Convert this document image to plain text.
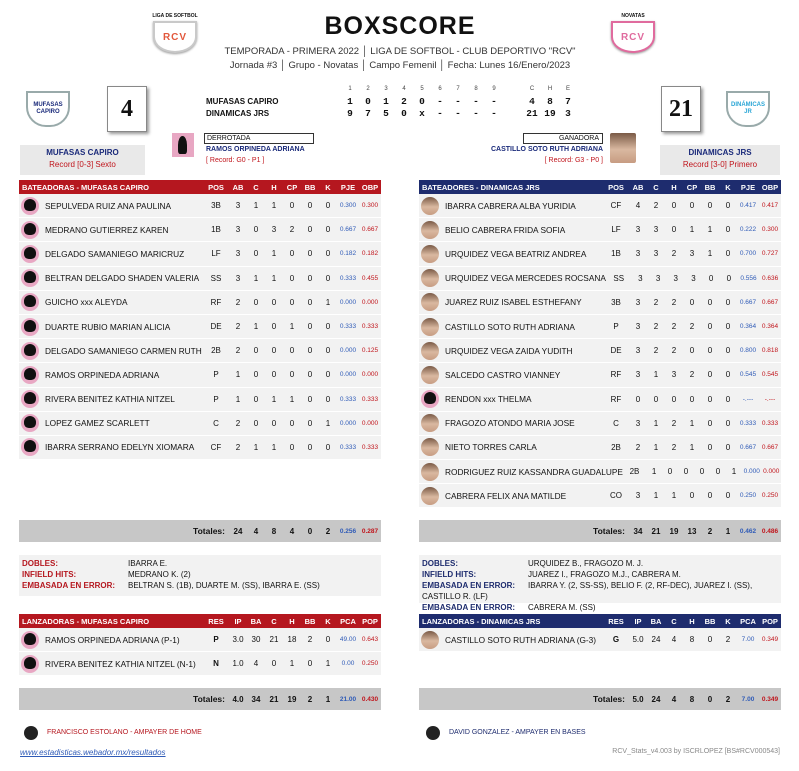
LIGA DE SOFTBOL
RCV
NOVATAS
RCV
BOXSCORE
TEMPORADA - PRIMERA 2022 │ LIGA DE SOFTBOL - CLUB DEPORTIVO "RCV"
Jornada #3 │ Grupo - Novatas │ Campo Femenil │ Fecha: Lunes 16/Enero/2023
MUFASAS CAPIRO	4	21	DINÁMICAS JR
1	2	3	4	5	6	7	8	9	C	H	E
MUFASAS CAPIRO	1	0	1	2	0	-	-	-	-	4	8	7
DINAMICAS JRS	9	7	5	0	x	-	-	-	-	21 19 3
DERROTADA
RAMOS ORPINEDA ADRIANA
[ Record: G0 - P1 ]
GANADORA
CASTILLO SOTO RUTH ADRIANA
[ Record: G3 - P0 ]
MUFASAS CAPIRO
Record [0-3] Sexto
DINAMICAS JRS
Record [3-0] Primero
BATEADORAS - MUFASAS CAPIRO	POS	AB	C	H	CP BB	K	PJE OBP
SEPULVEDA RUIZ ANA PAULINA	3B	3	1	1	0	0	0	0.300 0.300
MEDRANO GUTIERREZ KAREN	1B	3	0	3	2	0	0	0.667 0.667
DELGADO SAMANIEGO MARICRUZ	LF	3	0	1	0	0	0	0.182 0.182
BELTRAN DELGADO SHADEN VALERIA	SS	3	1	1	0	0	0	0.333 0.455
GUICHO xxx ALEYDA	RF	2	0	0	0	0	1	0.000 0.000
DUARTE RUBIO MARIAN ALICIA	DE	2	1	0	1	0	0	0.333 0.333
DELGADO SAMANIEGO CARMEN RUTH	2B	2	0	0	0	0	0	0.000 0.125
RAMOS ORPINEDA ADRIANA	P	1	0	0	0	0	0	0.000 0.000
RIVERA BENITEZ KATHIA NITZEL	P	1	0	1	1	0	0	0.333 0.333
LOPEZ GAMEZ SCARLETT	C	2	0	0	0	0	1	0.000 0.000
IBARRA SERRANO EDELYN XIOMARA	CF	2	1	1	0	0	0	0.333 0.333
Totales:	24	4	8	4	0	2	0.256 0.287
BATEADORES - DINAMICAS JRS	POS	AB	C	H	CP BB	K	PJE OBP
IBARRA CABRERA ALBA YURIDIA	CF	4	2	0	0	0	0	0.417 0.417
BELIO CABRERA FRIDA SOFIA	LF	3	3	0	1	1	0	0.222 0.300
URQUIDEZ VEGA BEATRIZ ANDREA	1B	3	3	2	3	1	0	0.700 0.727
URQUIDEZ VEGA MERCEDES ROCSANA SS	3	3	3	3	0	0	0.556 0.636
JUAREZ RUIZ ISABEL ESTHEFANY	3B	3	2	2	0	0	0	0.667 0.667
CASTILLO SOTO RUTH ADRIANA	P	3	2	2	2	0	0	0.364 0.364
URQUIDEZ VEGA ZAIDA YUDITH	DE	3	2	2	0	0	0	0.800 0.818
SALCEDO CASTRO VIANNEY	RF	3	1	3	2	0	0	0.545 0.545
RENDON xxx THELMA	RF	0	0	0	0	0	0	-.---	-.---
FRAGOZO ATONDO MARIA JOSE	C	3	1	2	1	0	0	0.333 0.333
NIETO TORRES CARLA	2B	2	1	2	1	0	0	0.667 0.667
RODRIGUEZ RUIZ KASSANDRA GUADALUPE 2B	1	0	0	0	0	1	0.000 0.000
CABRERA FELIX ANA MATILDE	CO	3	1	1	0	0	0	0.250 0.250
Totales:	34	21	19	13	2	1	0.462 0.486
DOBLES:	IBARRA E.
INFIELD HITS:	MEDRANO K. (2)
EMBASADA EN ERROR: BELTRAN S. (1B), DUARTE M. (SS), IBARRA E. (SS)
DOBLES:	URQUIDEZ B., FRAGOZO M. J.
INFIELD HITS:	JUAREZ I., FRAGOZO M.J., CABRERA M.
EMBASADA EN ERROR: IBARRA Y. (2, SS-SS), BELIO F. (2, RF-DEC), JUAREZ I. (SS), CASTILLO R. (LF)
EMBASADA EN ERROR: CABRERA M. (SS)
LANZADORAS - MUFASAS CAPIRO	RES	IP	BA	C	H	BB	K	PCA POP
RAMOS ORPINEDA ADRIANA (P-1)	P	3.0 30	21	18	2	0	49.00 0.643
RIVERA BENITEZ KATHIA NITZEL (N-1)	N	1.0	4	0	1	0	1	0.00	0.250
Totales: 4.0 34	21	19	2	1	21.00 0.430
LANZADORAS - DINAMICAS JRS	RES	IP	BA	C	H	BB	K	PCA POP
CASTILLO SOTO RUTH ADRIANA (G-3)	G	5.0 24	4	8	0	2	7.00	0.349
Totales: 5.0 24	4	8	0	2	7.00	0.349
FRANCISCO ESTOLANO - AMPAYER DE HOME	DAVID GONZALEZ - AMPAYER EN BASES
www.estadisticas.webador.mx/resultados	RCV_Stats_v4.003 by ISCRLOPEZ [BS#RCV000543]
